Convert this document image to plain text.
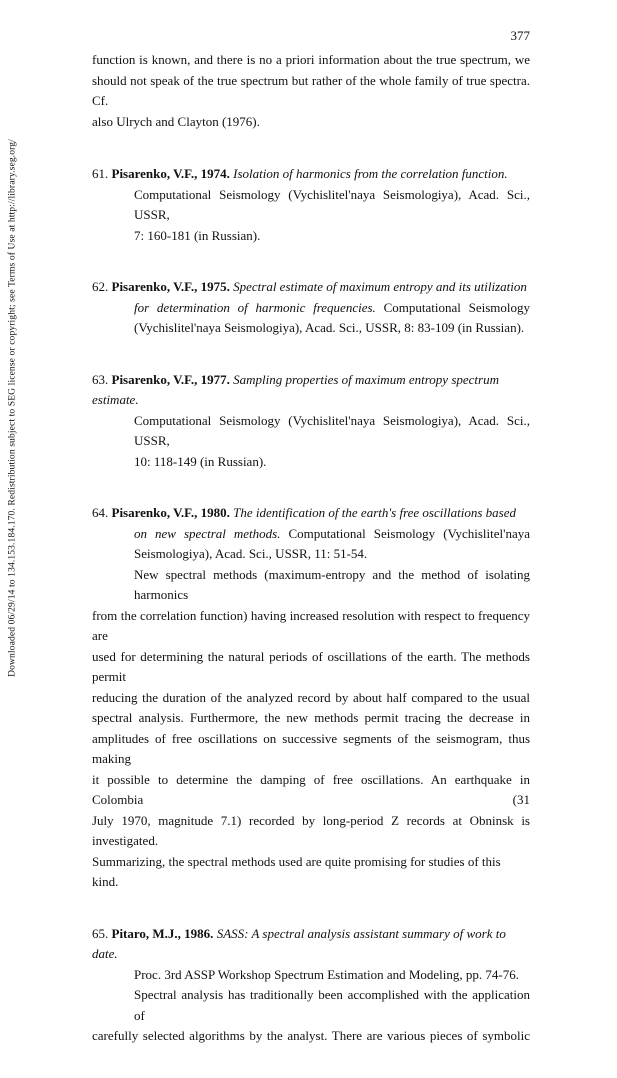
377
Downloaded 06/29/14 to 134.153.184.170. Redistribution subject to SEG license or copyright; see Terms of Use at http://library.seg.org/
function is known, and there is no a priori information about the true spectrum, we
should not speak of the true spectrum but rather of the whole family of true spectra. Cf.
also Ulrych and Clayton (1976).
61. Pisarenko, V.F., 1974. Isolation of harmonics from the correlation function.
Computational Seismology (Vychislitel'naya Seismologiya), Acad. Sci., USSR,
7: 160-181 (in Russian).
62. Pisarenko, V.F., 1975. Spectral estimate of maximum entropy and its utilization
for determination of harmonic frequencies. Computational Seismology
(Vychislitel'naya Seismologiya), Acad. Sci., USSR, 8: 83-109 (in Russian).
63. Pisarenko, V.F., 1977. Sampling properties of maximum entropy spectrum estimate.
Computational Seismology (Vychislitel'naya Seismologiya), Acad. Sci., USSR,
10: 118-149 (in Russian).
64. Pisarenko, V.F., 1980. The identification of the earth's free oscillations based
on new spectral methods. Computational Seismology (Vychislitel'naya
Seismologiya), Acad. Sci., USSR, 11: 51-54.
New spectral methods (maximum-entropy and the method of isolating harmonics
from the correlation function) having increased resolution with respect to frequency are
used for determining the natural periods of oscillations of the earth. The methods permit
reducing the duration of the analyzed record by about half compared to the usual
spectral analysis. Furthermore, the new methods permit tracing the decrease in
amplitudes of free oscillations on successive segments of the seismogram, thus making
it possible to determine the damping of free oscillations. An earthquake in Colombia (31
July 1970, magnitude 7.1) recorded by long-period Z records at Obninsk is investigated.
Summarizing, the spectral methods used are quite promising for studies of this kind.
65. Pitaro, M.J., 1986. SASS: A spectral analysis assistant summary of work to date.
Proc. 3rd ASSP Workshop Spectrum Estimation and Modeling, pp. 74-76.
Spectral analysis has traditionally been accomplished with the application of
carefully selected algorithms by the analyst. There are various pieces of symbolic
